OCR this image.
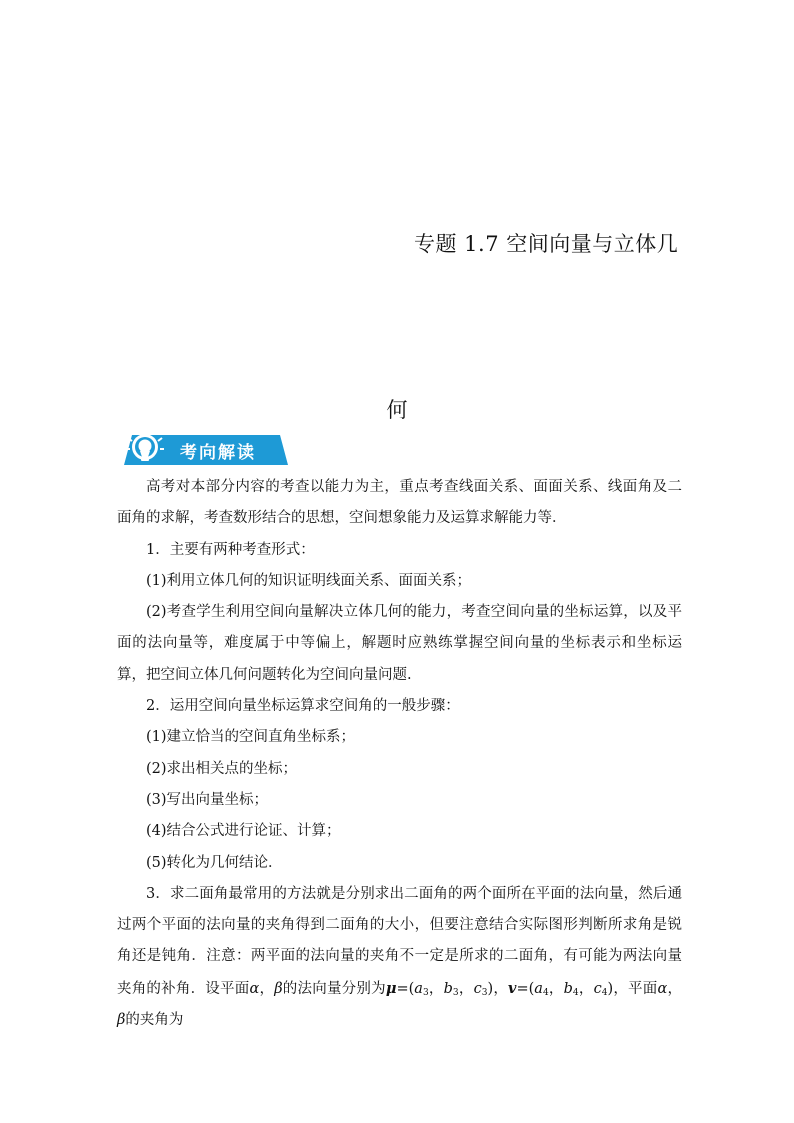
专题 1.7 空间向量与立体几
何
考向解读

高考对本部分内容的考查以能力为主，重点考查线面关系、面面关系、线面角及二面角的求解，考查数形结合的思想，空间想象能力及运算求解能力等．

1．主要有两种考查形式：

(1)利用立体几何的知识证明线面关系、面面关系；

(2)考查学生利用空间向量解决立体几何的能力，考查空间向量的坐标运算，以及平面的法向量等，难度属于中等偏上，解题时应熟练掌握空间向量的坐标表示和坐标运算，把空间立体几何问题转化为空间向量问题.

2．运用空间向量坐标运算求空间角的一般步骤：

(1)建立恰当的空间直角坐标系；

(2)求出相关点的坐标；

(3)写出向量坐标；

(4)结合公式进行论证、计算；

(5)转化为几何结论．

3．求二面角最常用的方法就是分别求出二面角的两个面所在平面的法向量，然后通过两个平面的法向量的夹角得到二面角的大小，但要注意结合实际图形判断所求角是锐角还是钝角．注意：两平面的法向量的夹角不一定是所求的二面角，有可能为两法向量夹角的补角．设平面α，β的法向量分别为$\mu=(a_3$，$b_3$，$c_3$)，$v=(a_4$，$b_4$，$c_4$)，平面α，β的夹角为
